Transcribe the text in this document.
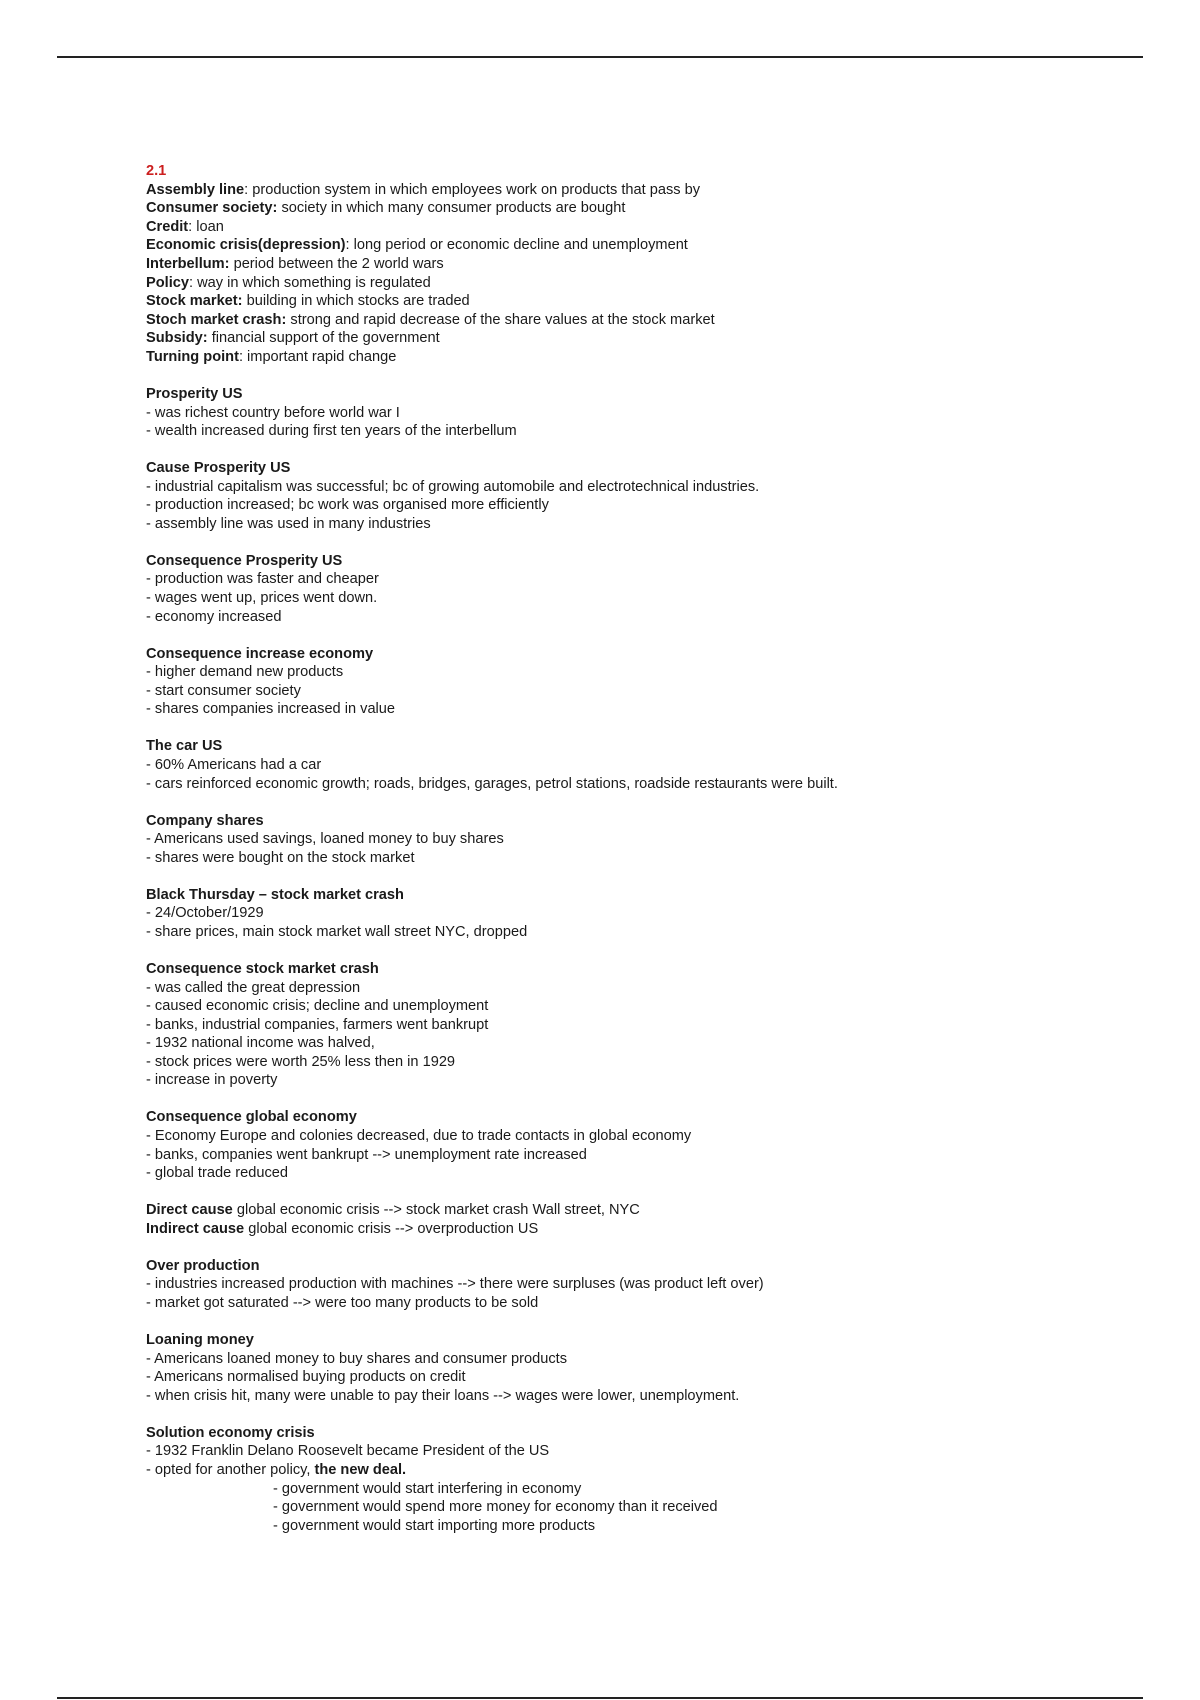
2.1
Assembly line: production system in which employees work on products that pass by
Consumer society: society in which many consumer products are bought
Credit: loan
Economic crisis(depression): long period or economic decline and unemployment
Interbellum: period between the 2 world wars
Policy: way in which something is regulated
Stock market: building in which stocks are traded
Stoch market crash: strong and rapid decrease of the share values at the stock market
Subsidy: financial support of the government
Turning point: important rapid change
Prosperity US
- was richest country before world war I
- wealth increased during first ten years of the interbellum
Cause Prosperity US
- industrial capitalism was successful; bc of growing automobile and electrotechnical industries.
- production increased; bc work was organised more efficiently
- assembly line was used in many industries
Consequence Prosperity US
- production was faster and cheaper
- wages went up, prices went down.
- economy increased
Consequence increase economy
- higher demand new products
- start consumer society
- shares companies increased in value
The car US
- 60% Americans had a car
- cars reinforced economic growth; roads, bridges, garages, petrol stations, roadside restaurants were built.
Company shares
- Americans used savings, loaned money to buy shares
- shares were bought on the stock market
Black Thursday – stock market crash
- 24/October/1929
- share prices, main stock market wall street NYC, dropped
Consequence stock market crash
- was called the great depression
- caused economic crisis; decline and unemployment
- banks, industrial companies, farmers went bankrupt
- 1932 national income was halved,
- stock prices were worth 25% less then in 1929
- increase in poverty
Consequence global economy
- Economy Europe and colonies decreased, due to trade contacts in global economy
- banks, companies went bankrupt --> unemployment rate increased
- global trade reduced
Direct cause global economic crisis --> stock market crash Wall street, NYC
Indirect cause global economic crisis --> overproduction US
Over production
- industries increased production with machines --> there were surpluses (was product left over)
- market got saturated --> were too many products to be sold
Loaning money
- Americans loaned money to buy shares and consumer products
- Americans normalised buying products on credit
- when crisis hit, many were unable to pay their loans --> wages were lower, unemployment.
Solution economy crisis
- 1932 Franklin Delano Roosevelt became President of the US
- opted for another policy, the new deal.
- government would start interfering in economy
- government would spend more money for economy than it received
- government would start importing more products
